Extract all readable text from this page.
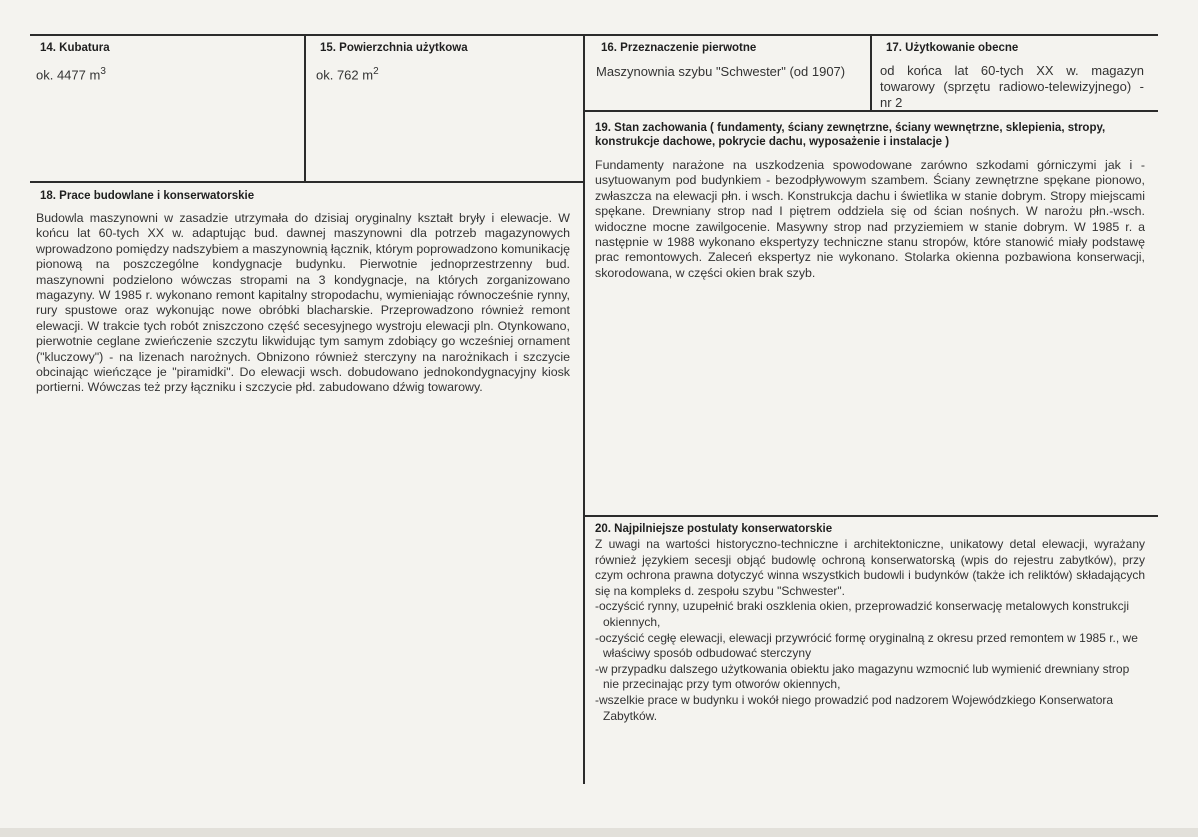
14. Kubatura
ok. 4477 $m^3$
15. Powierzchnia użytkowa
ok. 762 $m^2$
16. Przeznaczenie pierwotne
Maszynownia szybu "Schwester" (od 1907)
17. Użytkowanie obecne
od końca lat 60-tych XX w. magazyn towarowy (sprzętu radiowo-telewizyjnego) - nr 2
18. Prace budowlane i konserwatorskie

Budowla maszynowni w zasadzie utrzymała do dzisiaj oryginalny kształt bryły i elewacje. W końcu lat 60-tych XX w. adaptując bud. dawnej maszynowni dla potrzeb magazynowych wprowadzono pomiędzy nadszybiem a maszynownią łącznik, którym poprowadzono komunikację pionową na poszczególne kondygnacje budynku. Pierwotnie jednoprzestrzenny bud. maszynowni podzielono wówczas stropami na 3 kondygnacje, na których zorganizowano magazyny. W 1985 r. wykonano remont kapitalny stropodachu, wymieniając równocześnie rynny, rury spustowe oraz wykonując nowe obróbki blacharskie. Przeprowadzono również remont elewacji. W trakcie tych robót zniszczono część secesyjnego wystroju elewacji pln. Otynkowano, pierwotnie ceglane zwieńczenie szczytu likwidując tym samym zdobiący go wcześniej ornament ("kluczowy") - na lizenach narożnych. Obnizono również sterczyny na narożnikach i szczycie obcinając wieńczące je "piramidki". Do elewacji wsch. dobudowano jednokondygnacyjny kiosk portierni. Wówczas też przy łączniku i szczycie płd. zabudowano dźwig towarowy.

19. Stan zachowania ( fundamenty, ściany zewnętrzne, ściany wewnętrzne, sklepienia, stropy, konstrukcje dachowe, pokrycie dachu, wyposażenie i instalacje )

Fundamenty narażone na uszkodzenia spowodowane zarówno szkodami górniczymi jak i - usytuowanym pod budynkiem - bezodpływowym szambem. Ściany zewnętrzne spękane pionowo, zwłaszcza na elewacji płn. i wsch. Konstrukcja dachu i świetlika w stanie dobrym. Stropy miejscami spękane. Drewniany strop nad I piętrem oddziela się od ścian nośnych. W narożu płn.-wsch. widoczne mocne zawilgocenie. Masywny strop nad przyziemiem w stanie dobrym. W 1985 r. a następnie w 1988 wykonano ekspertyzy techniczne stanu stropów, które stanowić miały podstawę prac remontowych. Zaleceń ekspertyz nie wykonano. Stolarka okienna pozbawiona konserwacji, skorodowana, w części okien brak szyb.

20. Najpilniejsze postulaty konserwatorskie

Z uwagi na wartości historyczno-techniczne i architektoniczne, unikatowy detal elewacji, wyrażany również językiem secesji objąć budowlę ochroną konserwatorską (wpis do rejestru zabytków), przy czym ochrona prawna dotyczyć winna wszystkich budowli i budynków (także ich reliktów) składających się na kompleks d. zespołu szybu "Schwester".

- oczyścić rynny, uzupełnić braki oszklenia okien, przeprowadzić konserwację metalowych konstrukcji okiennych,
- oczyścić cegłę elewacji, elewacji przywrócić formę oryginalną z okresu przed remontem w 1985 r., we właściwy sposób odbudować sterczyny
- w przypadku dalszego użytkowania obiektu jako magazynu wzmocnić lub wymienić drewniany strop nie przecinając przy tym otworów okiennych,
- wszelkie prace w budynku i wokół niego prowadzić pod nadzorem Wojewódzkiego Konserwatora Zabytków.
